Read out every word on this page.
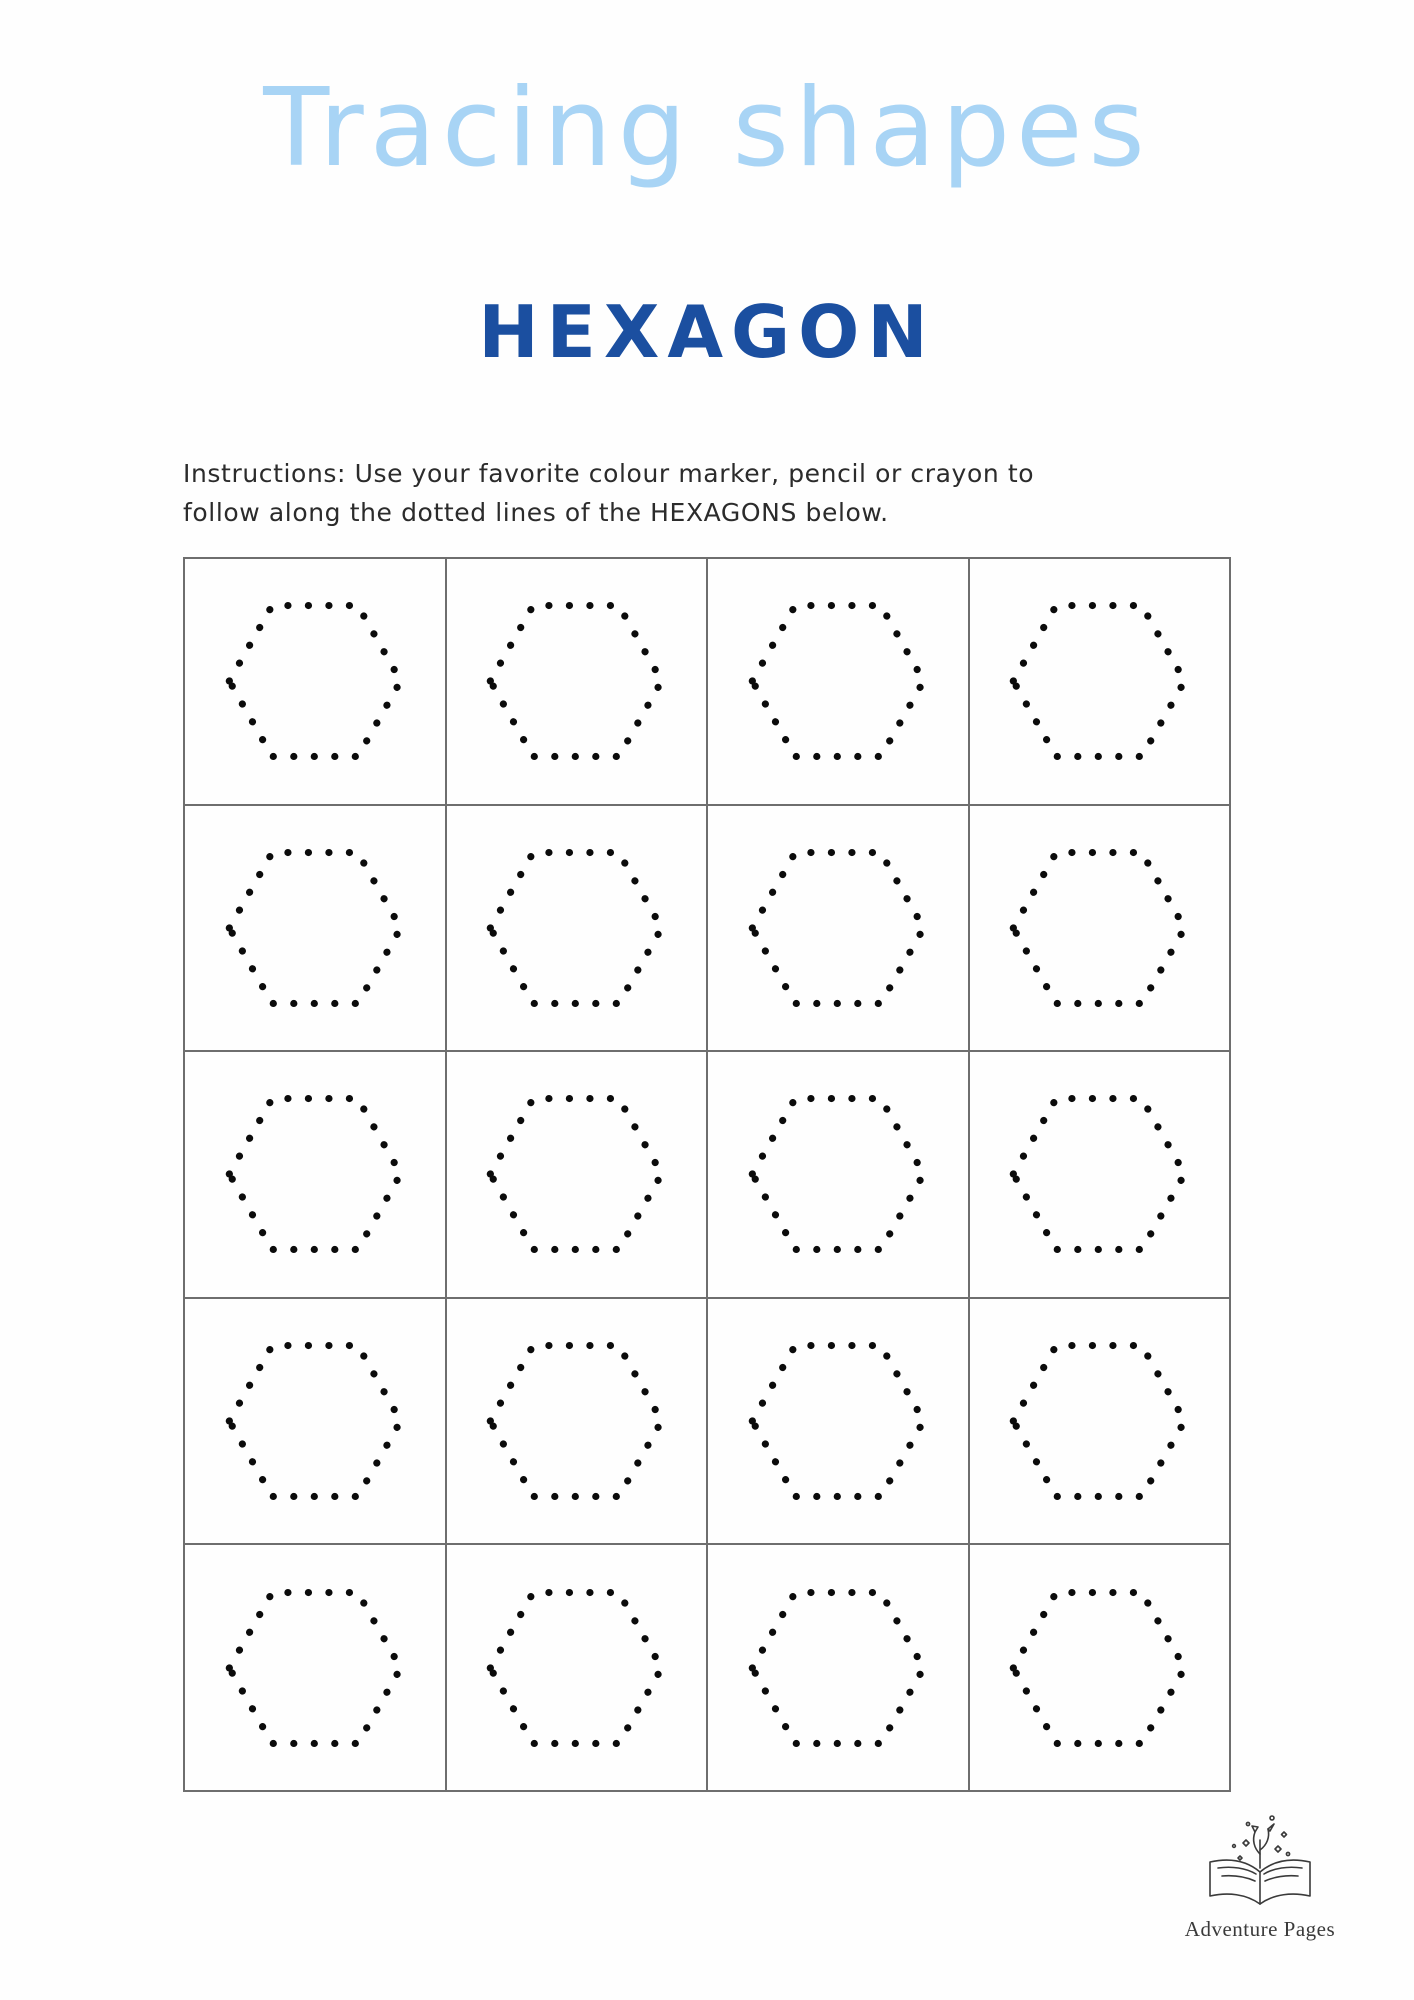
Tracing shapes
HEXAGON
Instructions: Use your favorite colour marker, pencil or crayon to
follow along the dotted lines of the HEXAGONS below.
Adventure Pages
